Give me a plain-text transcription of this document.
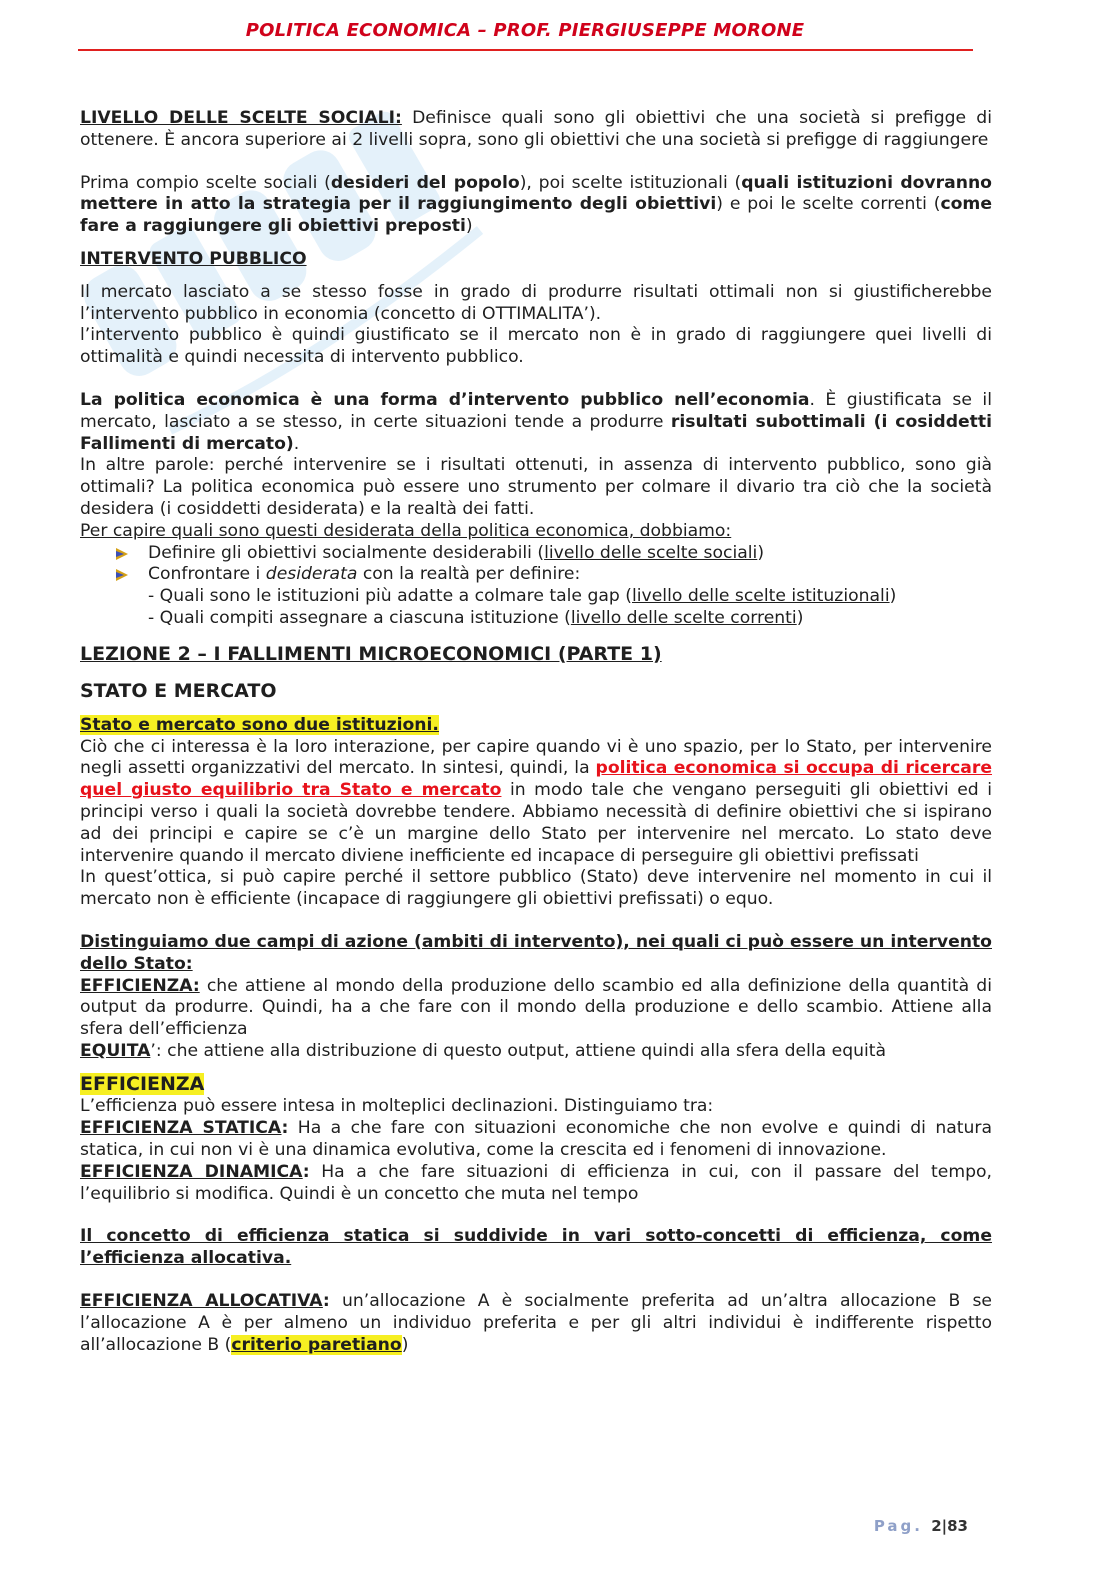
POLITICA ECONOMICA – PROF. PIERGIUSEPPE MORONE

LIVELLO DELLE SCELTE SOCIALI: Definisce quali sono gli obiettivi che una società si prefigge di ottenere. È ancora superiore ai 2 livelli sopra, sono gli obiettivi che una società si prefigge di raggiungere

Prima compio scelte sociali (desideri del popolo), poi scelte istituzionali (quali istituzioni dovranno mettere in atto la strategia per il raggiungimento degli obiettivi) e poi le scelte correnti (come fare a raggiungere gli obiettivi preposti)

INTERVENTO PUBBLICO

Il mercato lasciato a se stesso fosse in grado di produrre risultati ottimali non si giustificherebbe l’intervento pubblico in economia (concetto di OTTIMALITA’).

l’intervento pubblico è quindi giustificato se il mercato non è in grado di raggiungere quei livelli di ottimalità e quindi necessita di intervento pubblico.

La politica economica è una forma d’intervento pubblico nell’economia. È giustificata se il mercato, lasciato a se stesso, in certe situazioni tende a produrre risultati subottimali (i cosiddetti Fallimenti di mercato).

In altre parole: perché intervenire se i risultati ottenuti, in assenza di intervento pubblico, sono già ottimali? La politica economica può essere uno strumento per colmare il divario tra ciò che la società desidera (i cosiddetti desiderata) e la realtà dei fatti.

Per capire quali sono questi desiderata della politica economica, dobbiamo:

Definire gli obiettivi socialmente desiderabili (livello delle scelte sociali)
Confrontare i desiderata con la realtà per definire:

- Quali sono le istituzioni più adatte a colmare tale gap (livello delle scelte istituzionali)

- Quali compiti assegnare a ciascuna istituzione (livello delle scelte correnti)

LEZIONE 2 – I FALLIMENTI MICROECONOMICI (PARTE 1)

STATO E MERCATO

Stato e mercato sono due istituzioni.

Ciò che ci interessa è la loro interazione, per capire quando vi è uno spazio, per lo Stato, per intervenire negli assetti organizzativi del mercato. In sintesi, quindi, la politica economica si occupa di ricercare quel giusto equilibrio tra Stato e mercato in modo tale che vengano perseguiti gli obiettivi ed i principi verso i quali la società dovrebbe tendere. Abbiamo necessità di definire obiettivi che si ispirano ad dei principi e capire se c’è un margine dello Stato per intervenire nel mercato. Lo stato deve intervenire quando il mercato diviene inefficiente ed incapace di perseguire gli obiettivi prefissati

In quest’ottica, si può capire perché il settore pubblico (Stato) deve intervenire nel momento in cui il mercato non è efficiente (incapace di raggiungere gli obiettivi prefissati) o equo.

Distinguiamo due campi di azione (ambiti di intervento), nei quali ci può essere un intervento dello Stato:

EFFICIENZA: che attiene al mondo della produzione dello scambio ed alla definizione della quantità di output da produrre. Quindi, ha a che fare con il mondo della produzione e dello scambio. Attiene alla sfera dell’efficienza

EQUITA’: che attiene alla distribuzione di questo output, attiene quindi alla sfera della equità

EFFICIENZA

L’efficienza può essere intesa in molteplici declinazioni. Distinguiamo tra:

EFFICIENZA STATICA: Ha a che fare con situazioni economiche che non evolve e quindi di natura statica, in cui non vi è una dinamica evolutiva, come la crescita ed i fenomeni di innovazione.

EFFICIENZA DINAMICA: Ha a che fare situazioni di efficienza in cui, con il passare del tempo, l’equilibrio si modifica. Quindi è un concetto che muta nel tempo

Il concetto di efficienza statica si suddivide in vari sotto-concetti di efficienza, come l’efficienza allocativa.

EFFICIENZA ALLOCATIVA: un’allocazione A è socialmente preferita ad un’altra allocazione B se l’allocazione A è per almeno un individuo preferita e per gli altri individui è indifferente rispetto all’allocazione B (criterio paretiano)

Pag. 2|83
